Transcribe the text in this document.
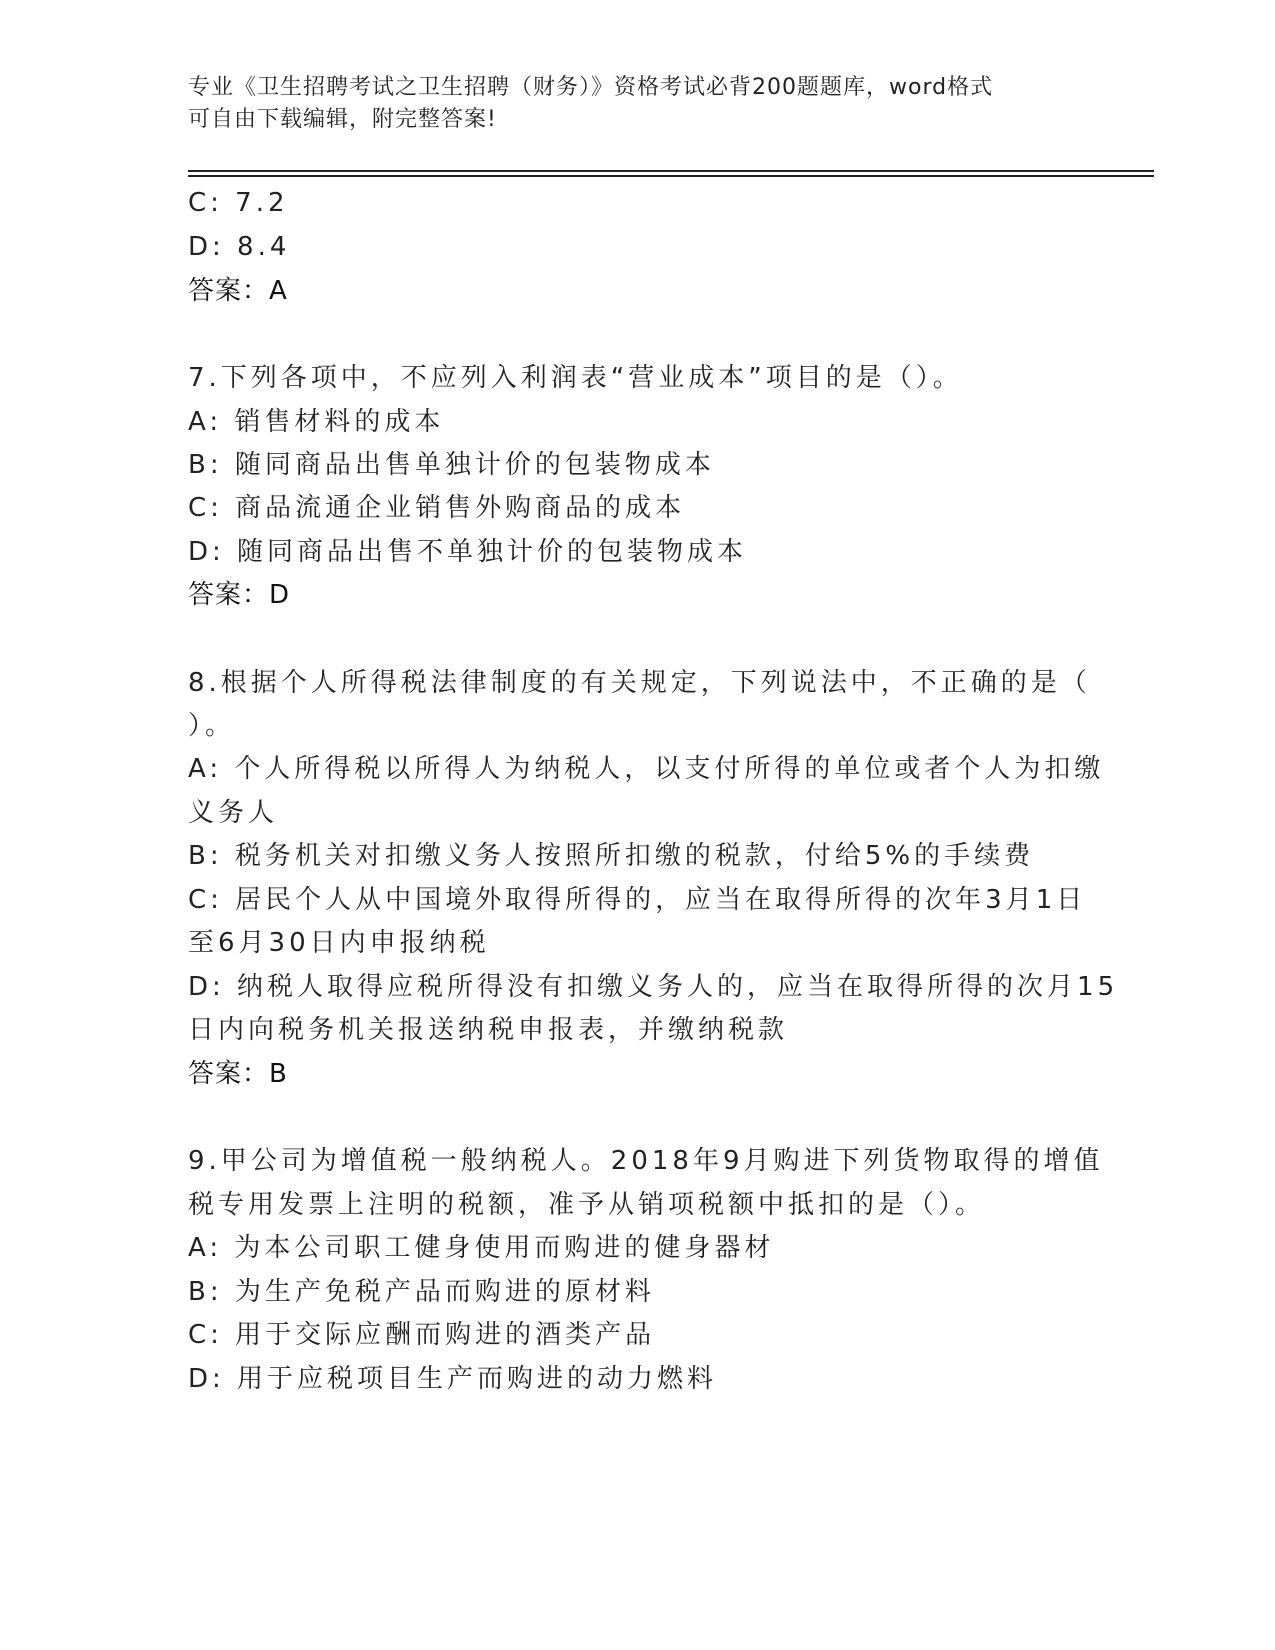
专业《卫生招聘考试之卫生招聘（财务）》资格考试必背200题题库，word格式
可自由下载编辑，附完整答案!
C: 7.2
D: 8.4
答案：A
7.下列各项中，不应列入利润表“营业成本”项目的是（）。
A: 销售材料的成本
B: 随同商品出售单独计价的包装物成本
C: 商品流通企业销售外购商品的成本
D: 随同商品出售不单独计价的包装物成本
答案：D
8.根据个人所得税法律制度的有关规定，下列说法中，不正确的是（
）。
A: 个人所得税以所得人为纳税人，以支付所得的单位或者个人为扣缴
义务人
B: 税务机关对扣缴义务人按照所扣缴的税款，付给5%的手续费
C: 居民个人从中国境外取得所得的，应当在取得所得的次年3月1日
至6月30日内申报纳税
D: 纳税人取得应税所得没有扣缴义务人的，应当在取得所得的次月15
日内向税务机关报送纳税申报表，并缴纳税款
答案：B
9.甲公司为增值税一般纳税人。2018年9月购进下列货物取得的增值
税专用发票上注明的税额，准予从销项税额中抵扣的是（）。
A: 为本公司职工健身使用而购进的健身器材
B: 为生产免税产品而购进的原材料
C: 用于交际应酬而购进的酒类产品
D: 用于应税项目生产而购进的动力燃料
